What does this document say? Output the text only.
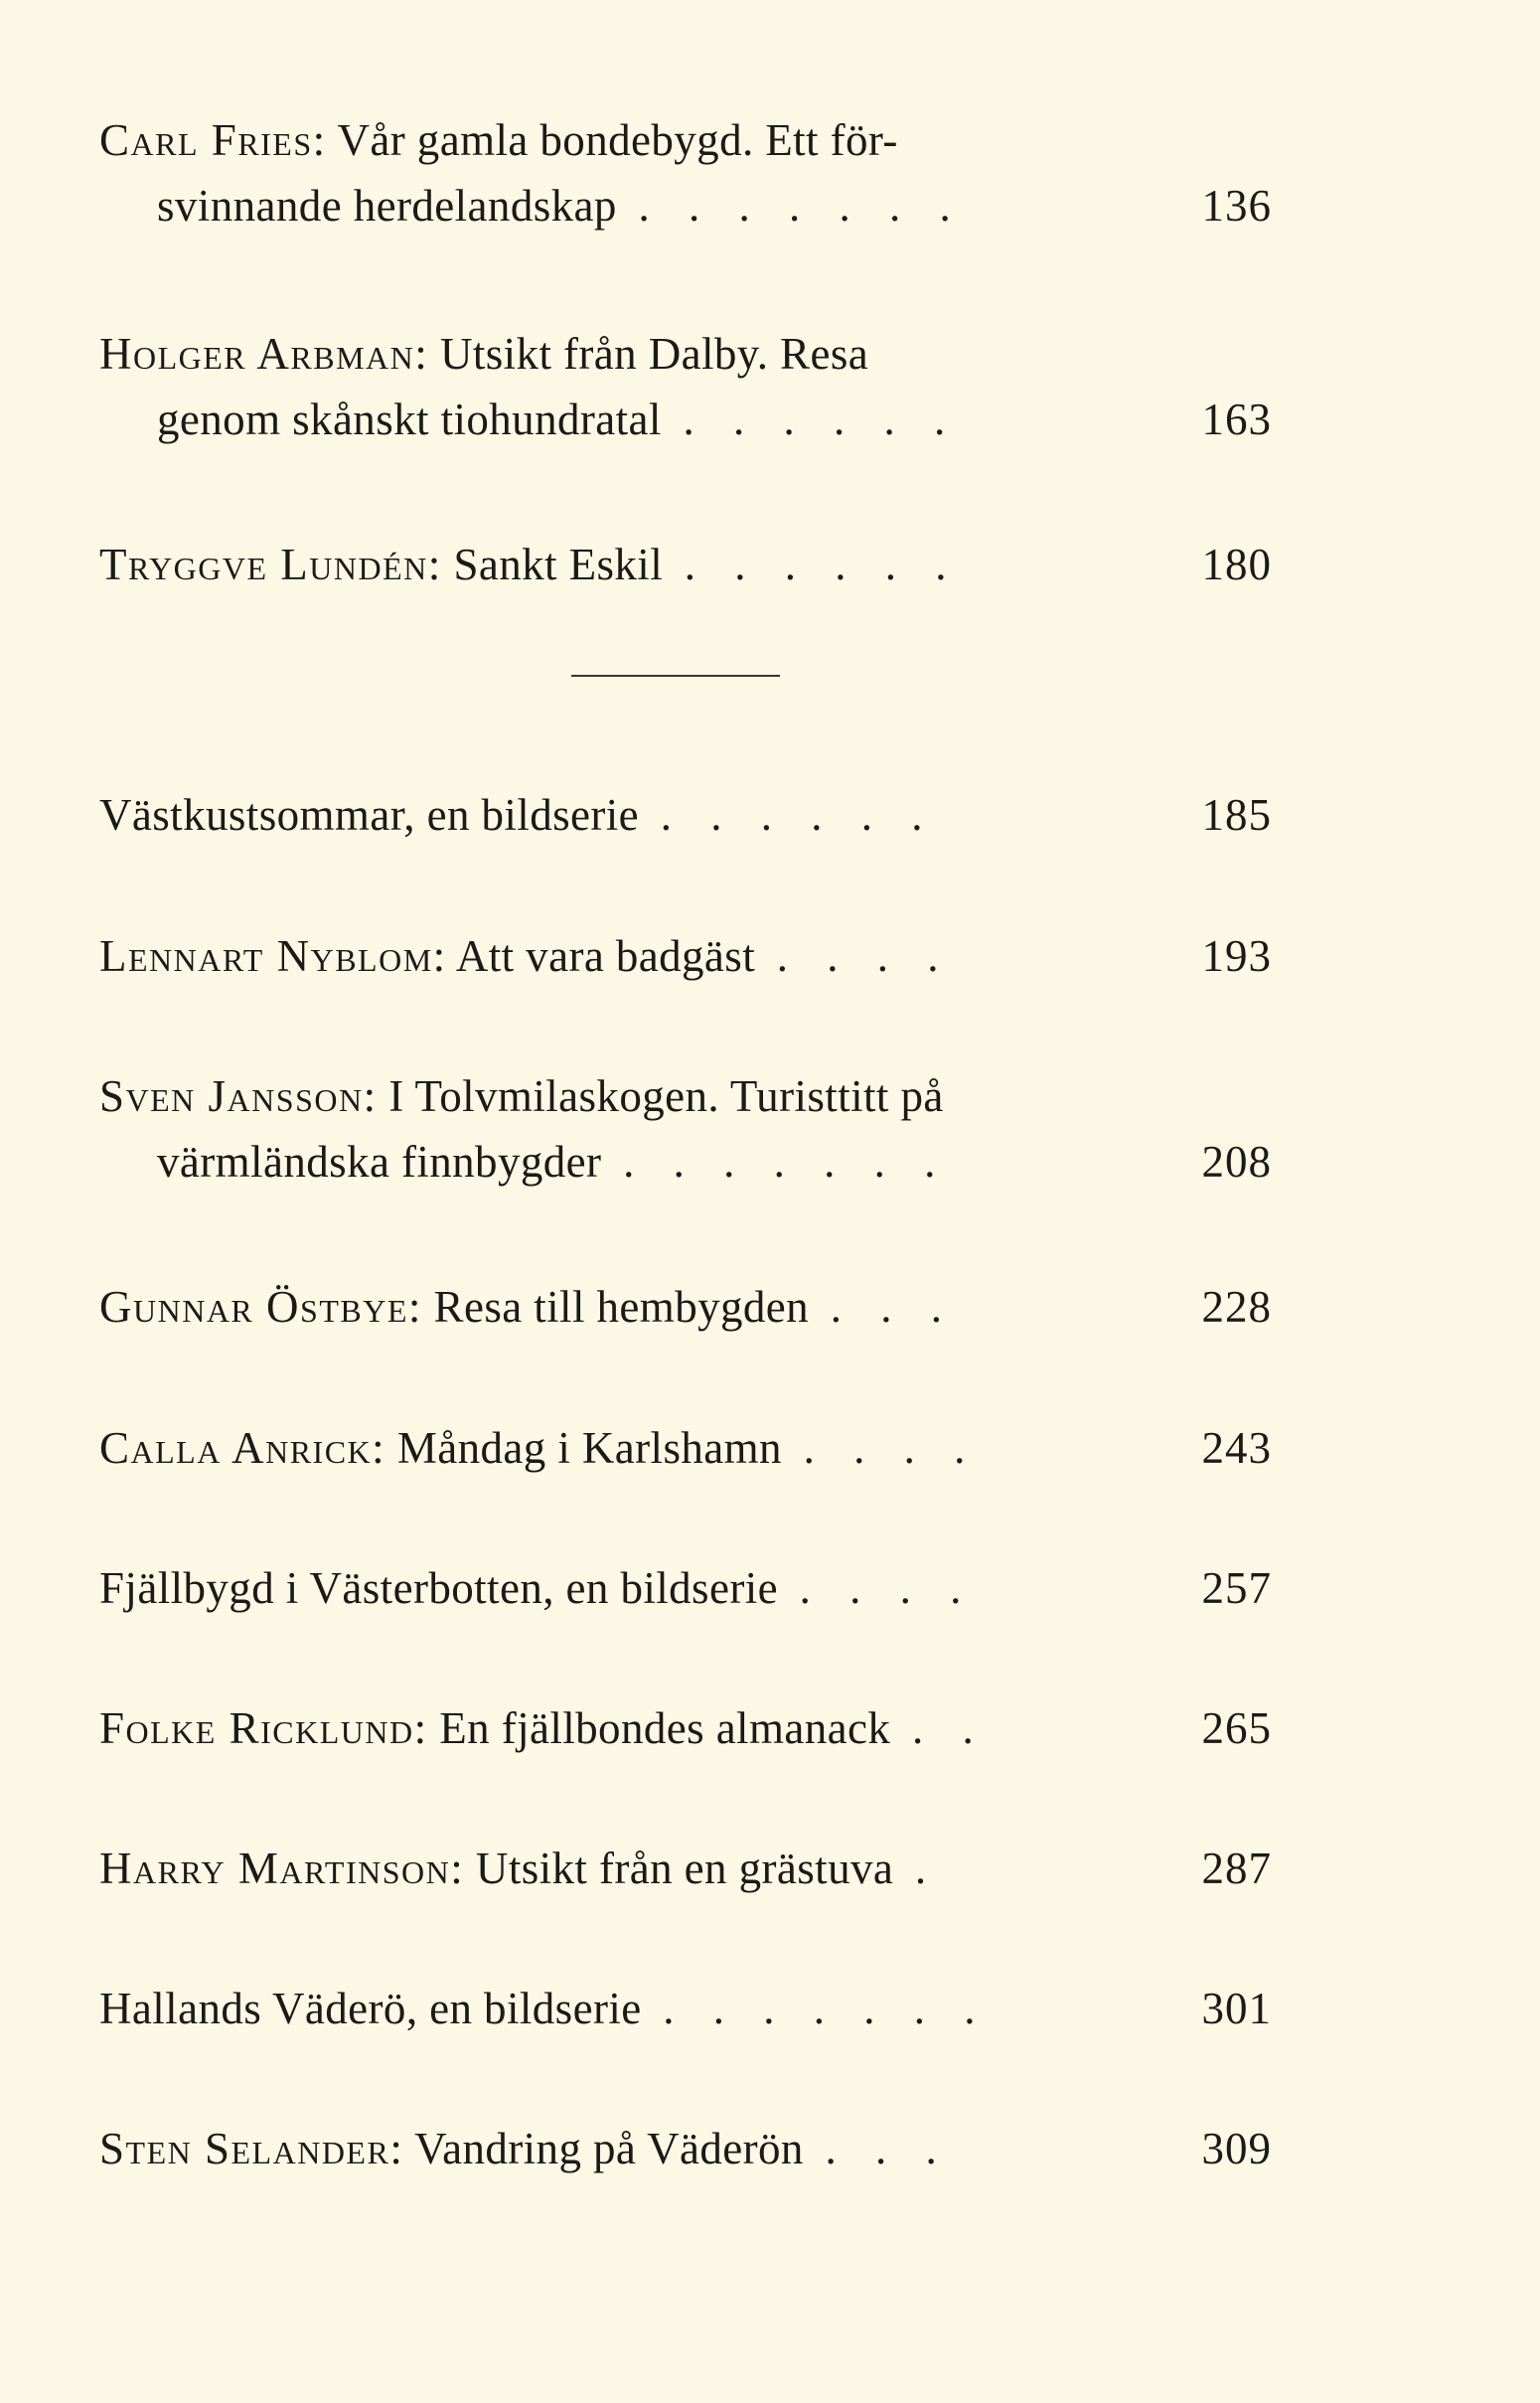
Carl Fries: Vår gamla bondebygd. Ett för-
svinnande herdelandskap . . . . . . .	136
Holger Arbman: Utsikt från Dalby. Resa
genom skånskt tiohundratal . . . . . .	163
Tryggve Lundén: Sankt Eskil . . . . . .	180
Västkustsommar, en bildserie . . . . . .	185
Lennart Nyblom: Att vara badgäst . . . .	193
Sven Jansson: I Tolvmilaskogen. Turisttitt på
värmländska finnbygder . . . . . . .	208
Gunnar Östbye: Resa till hembygden . . .	228
Calla Anrick: Måndag i Karlshamn . . . .	243
Fjällbygd i Västerbotten, en bildserie . . . .	257
Folke Ricklund: En fjällbondes almanack . .	265
Harry Martinson: Utsikt från en grästuva .	287
Hallands Väderö, en bildserie . . . . . . .	301
Sten Selander: Vandring på Väderön . . .	309
